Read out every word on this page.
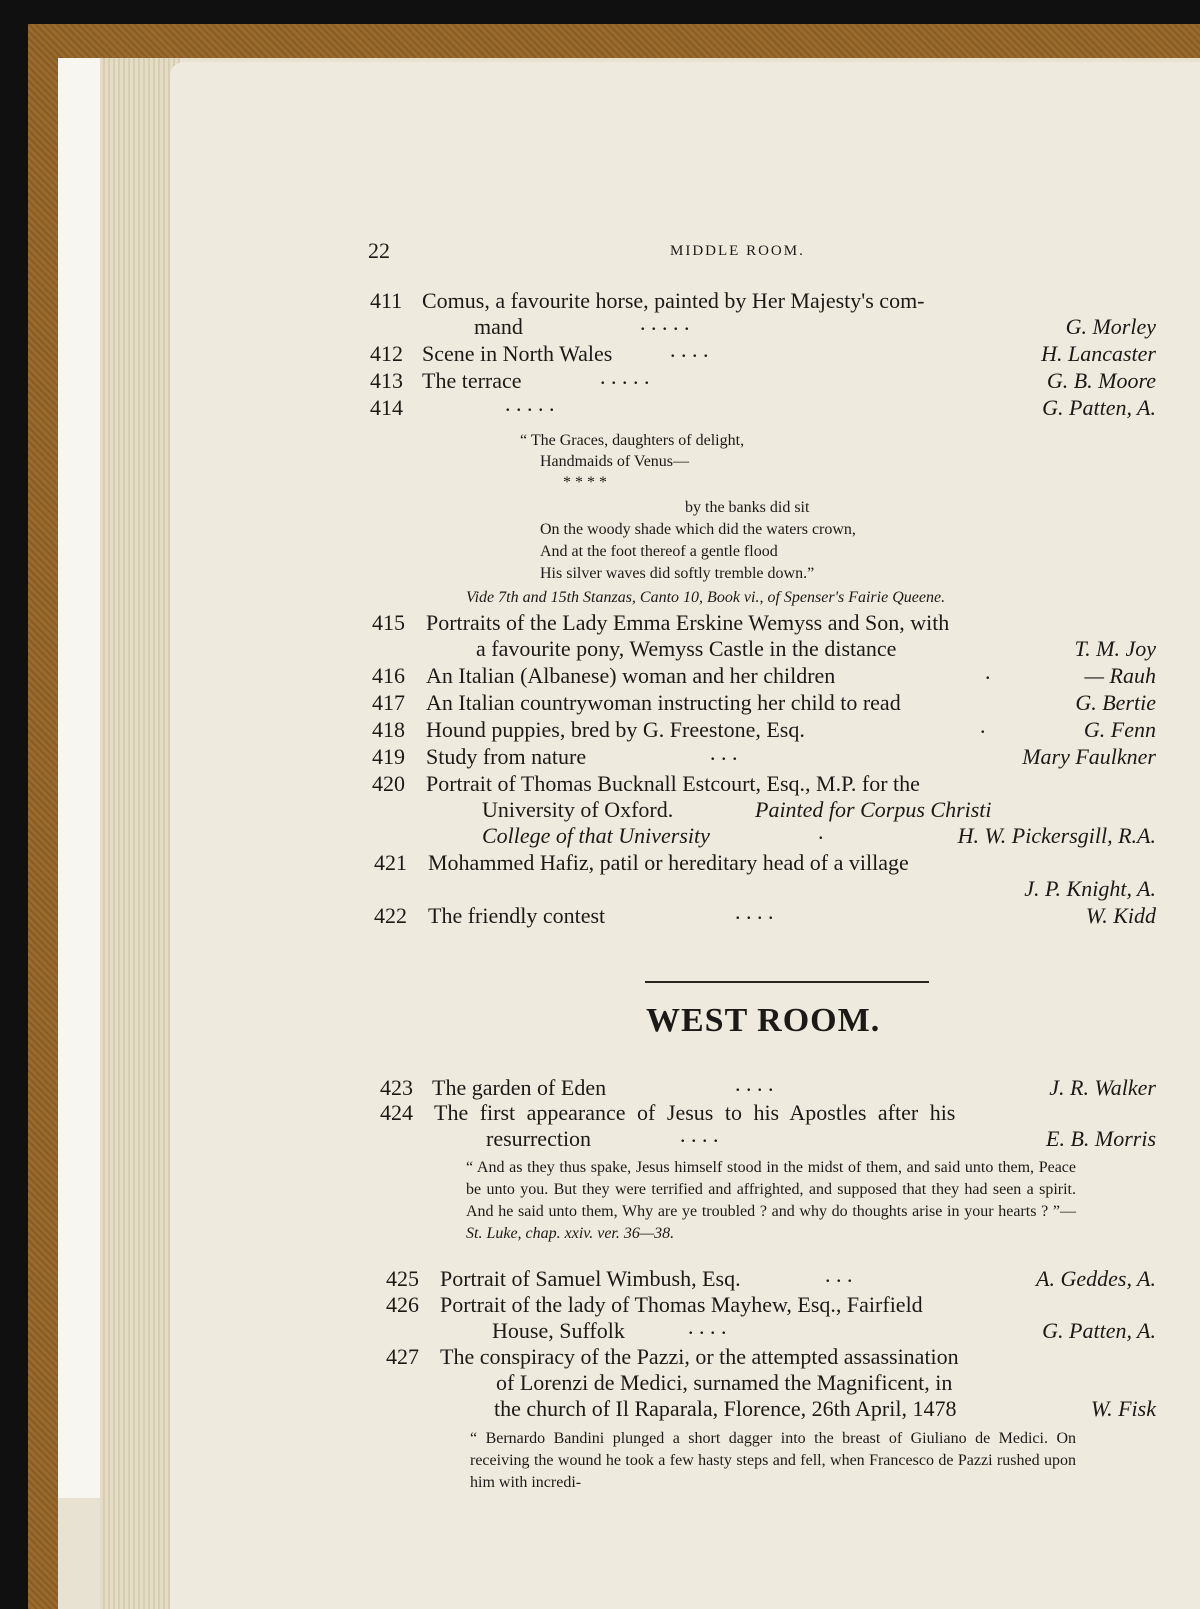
22	MIDDLE ROOM.
411 Comus, a favourite horse, painted by Her Majesty's com-
mand	. . . . .	G. Morley
412 Scene in North Wales	. . . .	H. Lancaster
413 The terrace	. . . . .	G. B. Moore
414	. . . . .	G. Patten, A.
“ The Graces, daughters of delight,
Handmaids of Venus—
* * * *
by the banks did sit
On the woody shade which did the waters crown,
And at the foot thereof a gentle flood
His silver waves did softly tremble down.”
Vide 7th and 15th Stanzas, Canto 10, Book vi., of Spenser's Fairie Queene.
415 Portraits of the Lady Emma Erskine Wemyss and Son, with
a favourite pony, Wemyss Castle in the distance	T. M. Joy
416 An Italian (Albanese) woman and her children	.	— Rauh
417 An Italian countrywoman instructing her child to read	G. Bertie
418 Hound puppies, bred by G. Freestone, Esq.	.	G. Fenn
419 Study from nature	. . .	Mary Faulkner
420 Portrait of Thomas Bucknall Estcourt, Esq., M.P. for the
University of Oxford.	Painted for Corpus Christi
College of that University	.	H. W. Pickersgill, R.A.
421 Mohammed Hafiz, patil or hereditary head of a village
J. P. Knight, A.
422 The friendly contest	. . . .	W. Kidd
WEST ROOM.
423 The garden of Eden	. . . .	J. R. Walker
424 The first appearance of Jesus to his Apostles after his
resurrection	. . . .	E. B. Morris
“ And as they thus spake, Jesus himself stood in the midst of them, and said unto them, Peace be unto you. But they were terrified and affrighted, and supposed that they had seen a spirit. And he said unto them, Why are ye troubled ? and why do thoughts arise in your hearts ? ”—St. Luke, chap. xxiv. ver. 36—38.
425 Portrait of Samuel Wimbush, Esq.	. . .	A. Geddes, A.
426 Portrait of the lady of Thomas Mayhew, Esq., Fairfield
House, Suffolk	. . . .	G. Patten, A.
427 The conspiracy of the Pazzi, or the attempted assassination
of Lorenzi de Medici, surnamed the Magnificent, in
the church of Il Raparala, Florence, 26th April, 1478	W. Fisk
“ Bernardo Bandini plunged a short dagger into the breast of Giuliano de Medici. On receiving the wound he took a few hasty steps and fell, when Francesco de Pazzi rushed upon him with incredi-
